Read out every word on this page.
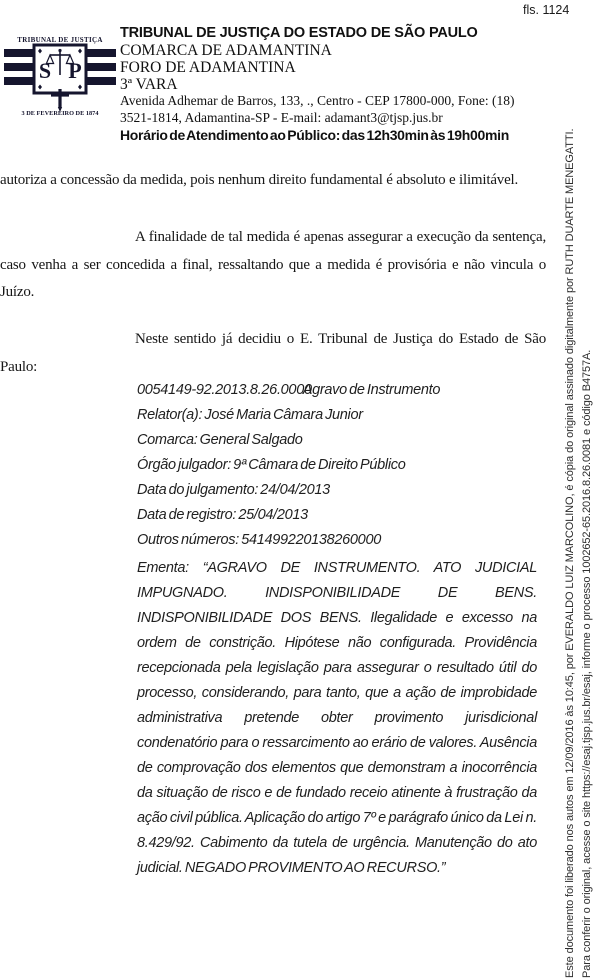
fls. 1124
TRIBUNAL DE JUSTIÇA
S P
3 DE FEVEREIRO DE 1874
TRIBUNAL DE JUSTIÇA DO ESTADO DE SÃO PAULO
COMARCA DE ADAMANTINA
FORO DE ADAMANTINA
3ª VARA
Avenida Adhemar de Barros, 133, ., Centro - CEP 17800-000, Fone: (18)
3521-1814, Adamantina-SP - E-mail: adamant3@tjsp.jus.br
Horário de Atendimento ao Público: das 12h30min às 19h00min

autoriza a concessão da medida, pois nenhum direito fundamental é absoluto e ilimitável.

A finalidade de tal medida é apenas assegurar a execução da sentença, caso venha a ser concedida a final, ressaltando que a medida é provisória e não vincula o Juízo.

Neste sentido já decidiu o E. Tribunal de Justiça do Estado de São Paulo:

0054149-92.2013.8.26.0000Agravo de Instrumento
Relator(a): José Maria Câmara Junior
Comarca: General Salgado
Órgão julgador: 9ª Câmara de Direito Público
Data do julgamento: 24/04/2013
Data de registro: 25/04/2013
Outros números: 541499220138260000

Ementa: “AGRAVO DE INSTRUMENTO. ATO JUDICIAL IMPUGNADO. INDISPONIBILIDADE DE BENS. INDISPONIBILIDADE DOS BENS. Ilegalidade e excesso na ordem de constrição. Hipótese não configurada. Providência recepcionada pela legislação para assegurar o resultado útil do processo, considerando, para tanto, que a ação de improbidade administrativa pretende obter provimento jurisdicional condenatório para o ressarcimento ao erário de valores. Ausência de comprovação dos elementos que demonstram a inocorrência da situação de risco e de fundado receio atinente à frustração da ação civil pública. Aplicação do artigo 7º e parágrafo único da Lei n. 8.429/92. Cabimento da tutela de urgência. Manutenção do ato judicial. NEGADO PROVIMENTO AO RECURSO.”	Este documento foi liberado nos autos em 12/09/2016 às 10:45, por EVERALDO LUIZ MARCOLINO, é cópia do original assinado digitalmente por RUTH DUARTE MENEGATTI. Para conferir o original, acesse o site https://esaj.tjsp.jus.br/esaj, informe o processo 1002652-65.2016.8.26.0081 e código B4757A.
